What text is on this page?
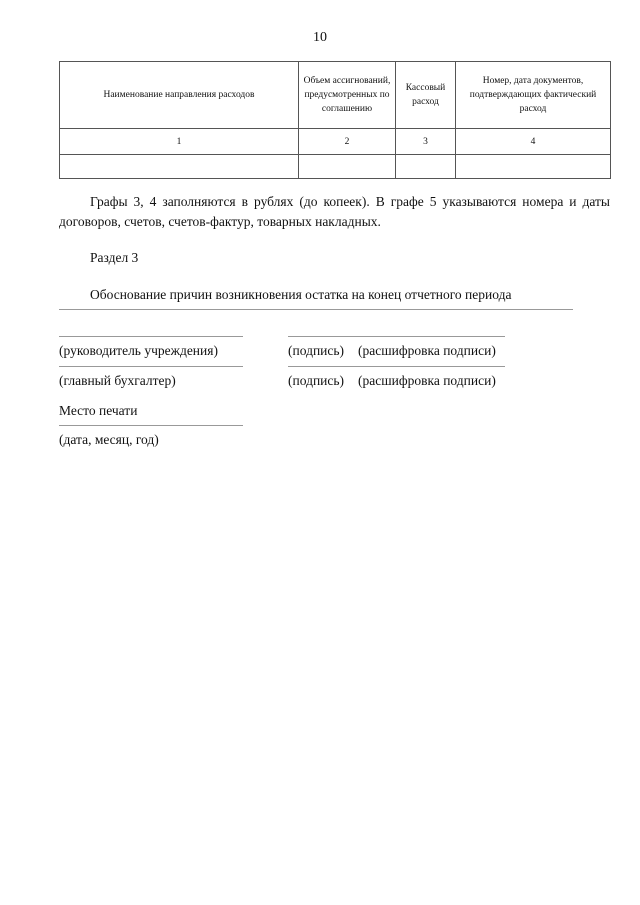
10
Наименование направления расходов	Объем ассигнований, предусмотренных по соглашению	Кассовый расход	Номер, дата документов, подтверждающих фактический расход
1	2	3	4

Графы 3, 4 заполняются в рублях (до копеек). В графе 5 указываются номера и даты договоров, счетов, счетов-фактур, товарных накладных.

Раздел 3
Обоснование причин возникновения остатка на конец отчетного периода
(руководитель учреждения)	(подпись) (расшифровка подписи)
(главный бухгалтер)	(подпись) (расшифровка подписи)
Место печати
(дата, месяц, год)
